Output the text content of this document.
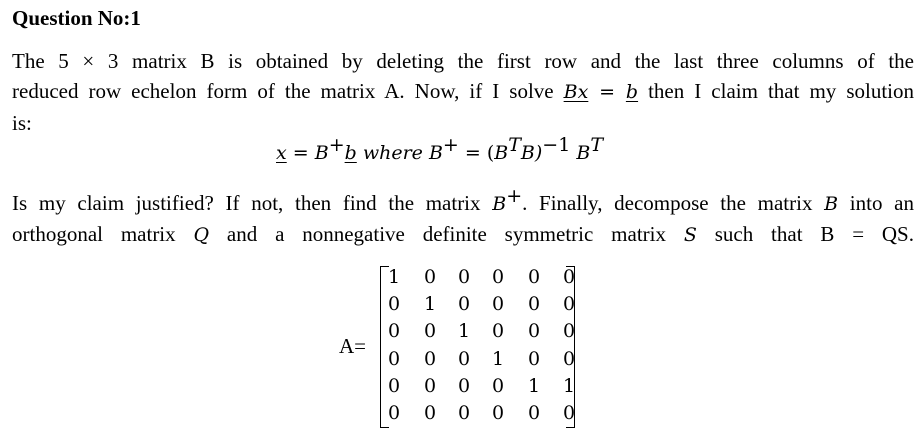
Question No:1
The 5 × 3 matrix B is obtained by deleting the first row and the last three columns of the
reduced row echelon form of the matrix A. Now, if I solve Bx = b then I claim that my solution
is:
x = B+b where $B^+ = (B^TB)^{-1}$ $B^T$
Is my claim justified? If not, then find the matrix B+. Finally, decompose the matrix B into an
orthogonal matrix Q and a nonnegative definite symmetric matrix S such that B = QS.
A=
1 0 0 0 0 0
0 1 0 0 0 0
0 0 1 0 0 0
0 0 0 1 0 0
0 0 0 0 1 1
0 0 0 0 0 0
